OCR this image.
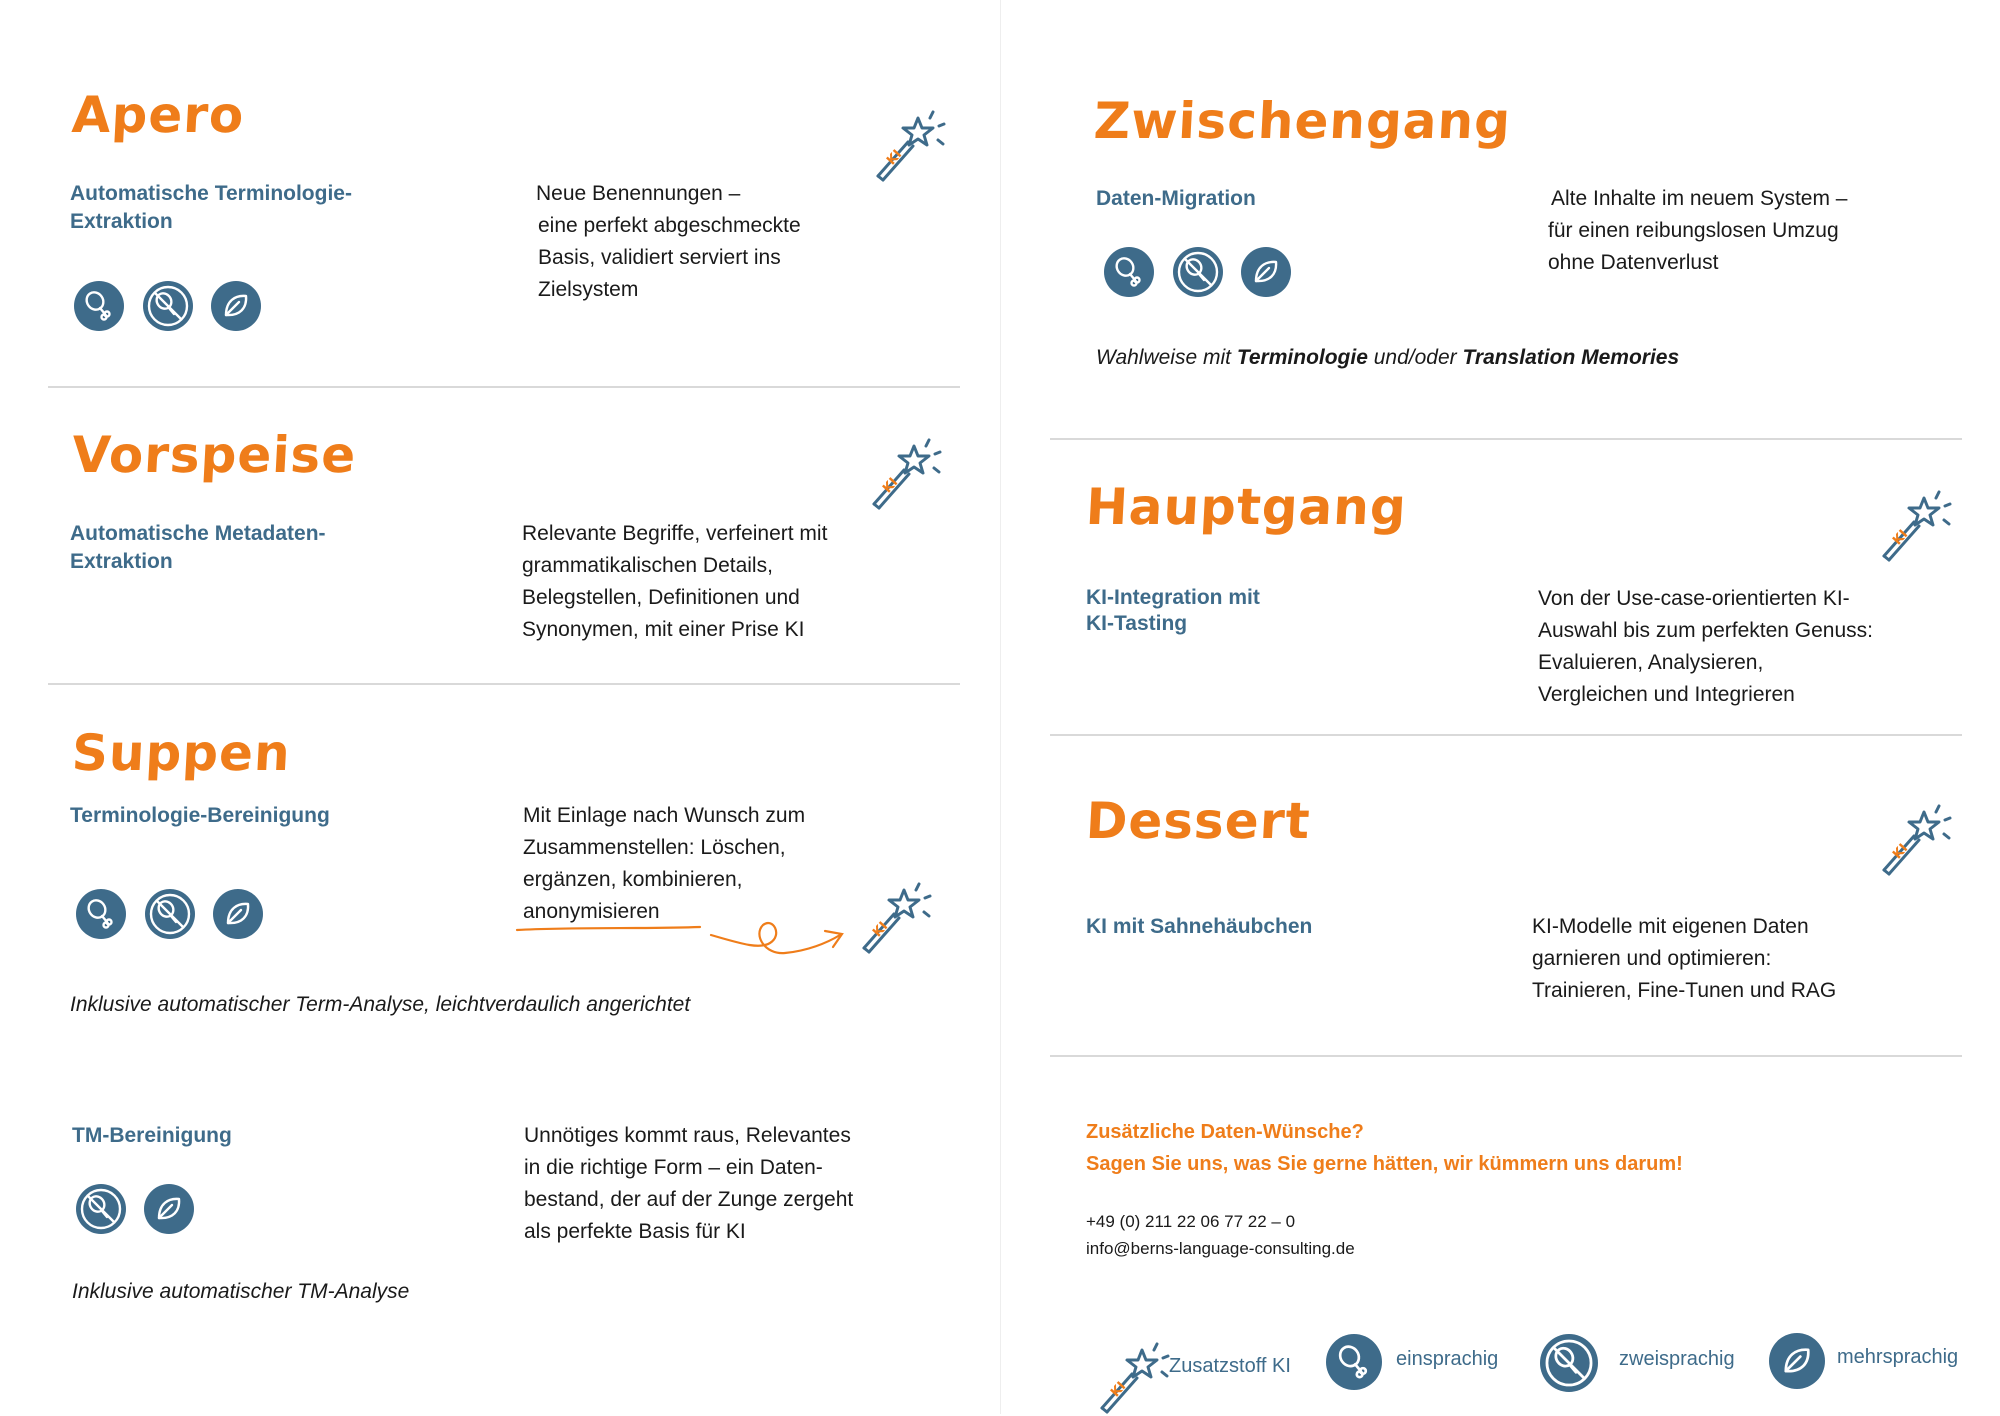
Apero
KI
Automatische Terminologie-
Extraktion
Neue Benennungen –
eine perfekt abgeschmeckte
Basis, validiert serviert ins
Zielsystem
Vorspeise
KI
Automatische Metadaten-
Extraktion
Relevante Begriffe, verfeinert mit
grammatikalischen Details,
Belegstellen, Definitionen und
Synonymen, mit einer Prise KI
Suppen
Terminologie-Bereinigung	Mit Einlage nach Wunsch zum
Zusammenstellen: Löschen,
ergänzen, kombinieren,
anonymisieren
KI
Inklusive automatischer Term-Analyse, leichtverdaulich angerichtet
TM-Bereinigung	Unnötiges kommt raus, Relevantes
in die richtige Form – ein Daten-
bestand, der auf der Zunge zergeht
als perfekte Basis für KI
Inklusive automatischer TM-Analyse
Zwischengang
Daten-Migration	Alte Inhalte im neuem System –
für einen reibungslosen Umzug
ohne Datenverlust
Wahlweise mit Terminologie und/oder Translation Memories
Hauptgang
KI
KI-Integration mit
KI-Tasting
Von der Use-case-orientierten KI-
Auswahl bis zum perfekten Genuss:
Evaluieren, Analysieren,
Vergleichen und Integrieren
Dessert
KI
KI mit Sahnehäubchen	KI-Modelle mit eigenen Daten
garnieren und optimieren:
Trainieren, Fine-Tunen und RAG
Zusätzliche Daten-Wünsche?
Sagen Sie uns, was Sie gerne hätten, wir kümmern uns darum!
+49 (0) 211 22 06 77 22 – 0
info@berns-language-consulting.de
KI
Zusatzstoff KI	einsprachig	zweisprachig	mehrsprachig
